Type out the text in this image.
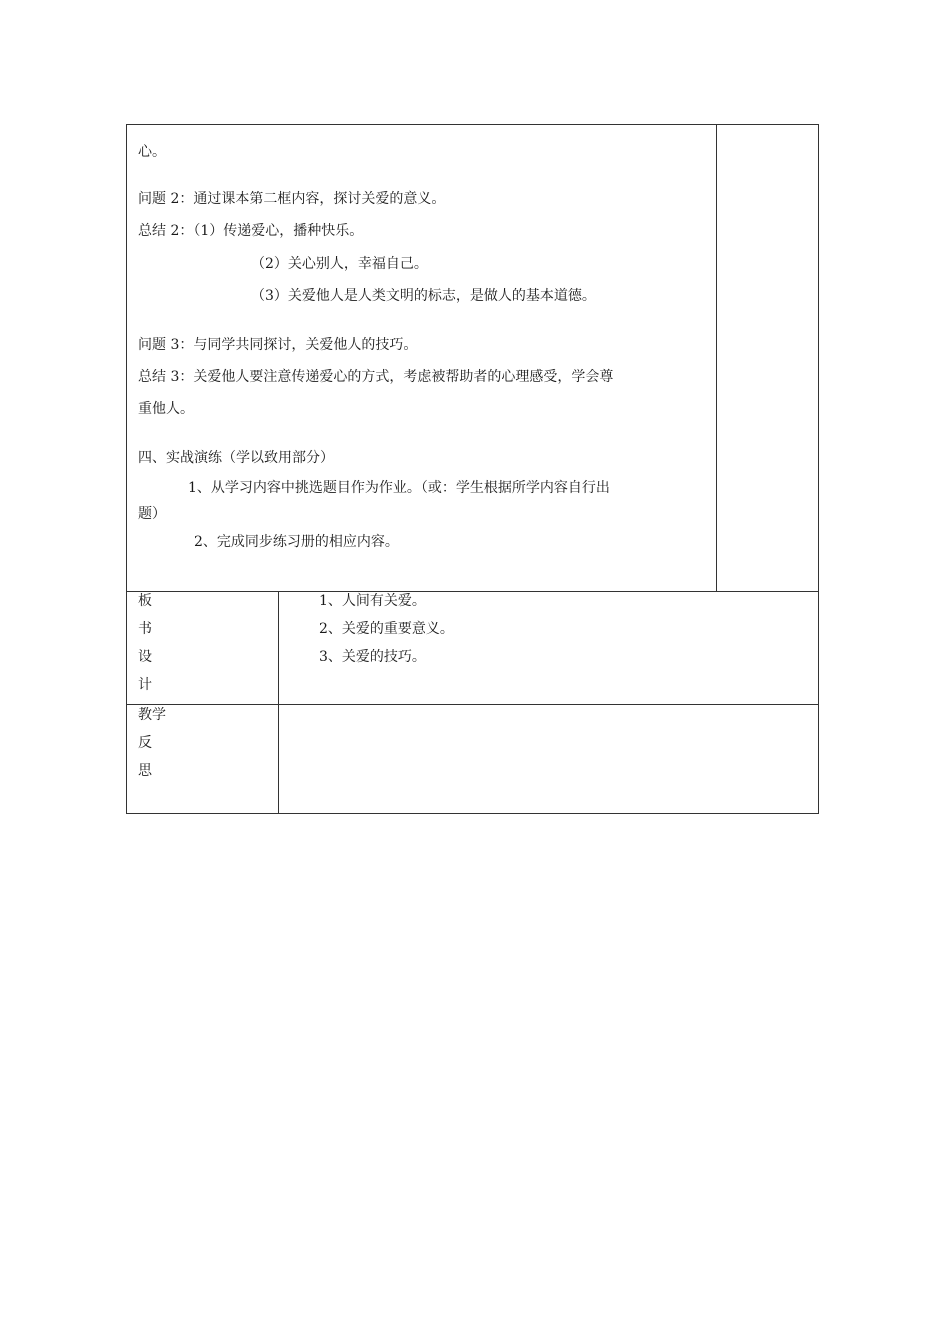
心。
问题 2：通过课本第二框内容，探讨关爱的意义。
总结 2：（1）传递爱心，播种快乐。
（2）关心别人，幸福自己。
（3）关爱他人是人类文明的标志，是做人的基本道德。
问题 3：与同学共同探讨，关爱他人的技巧。
总结 3：关爱他人要注意传递爱心的方式，考虑被帮助者的心理感受，学会尊
重他人。
四、实战演练（学以致用部分）
1、从学习内容中挑选题目作为作业。（或：学生根据所学内容自行出
题）
2、完成同步练习册的相应内容。
板
书
设
计
1、人间有关爱。
2、关爱的重要意义。
3、关爱的技巧。
教学
反
思
